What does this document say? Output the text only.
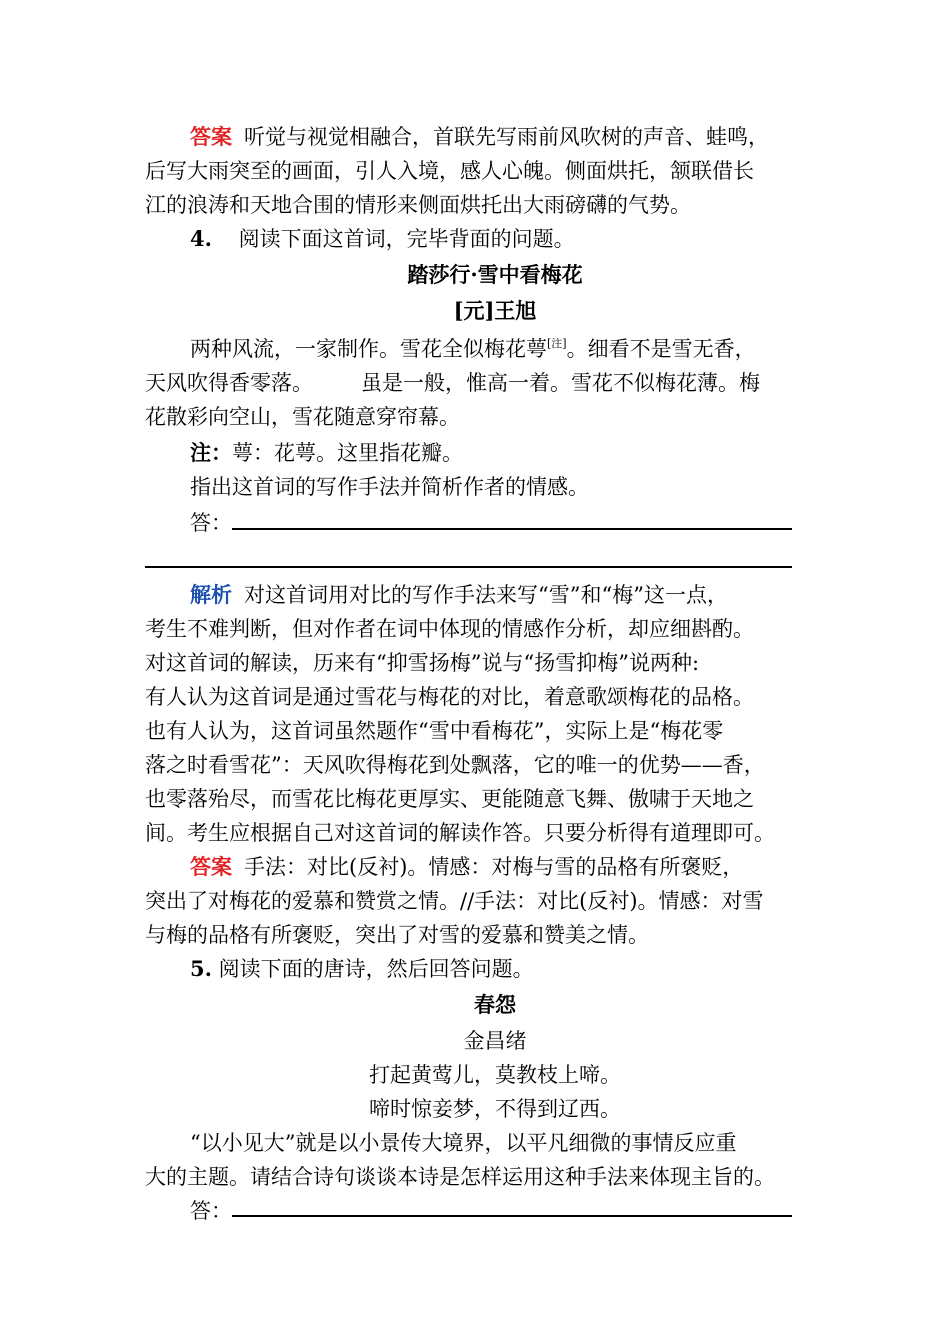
答案 听觉与视觉相融合，首联先写雨前风吹树的声音、蛙鸣，
后写大雨突至的画面，引人入境，感人心魄。侧面烘托，颔联借长
江的浪涛和天地合围的情形来侧面烘托出大雨磅礴的气势。
4. 阅读下面这首词，完毕背面的问题。
踏莎行·雪中看梅花
[元]王旭
两种风流，一家制作。雪花全似梅花萼[注]。细看不是雪无香，
天风吹得香零落。 虽是一般，惟高一着。雪花不似梅花薄。梅
花散彩向空山，雪花随意穿帘幕。
注：萼：花萼。这里指花瓣。
指出这首词的写作手法并简析作者的情感。
答：
解析 对这首词用对比的写作手法来写“雪”和“梅”这一点，
考生不难判断，但对作者在词中体现的情感作分析，却应细斟酌。
对这首词的解读，历来有“抑雪扬梅”说与“扬雪抑梅”说两种:
有人认为这首词是通过雪花与梅花的对比，着意歌颂梅花的品格。
也有人认为，这首词虽然题作“雪中看梅花”，实际上是“梅花零
落之时看雪花”：天风吹得梅花到处飘落，它的唯一的优势——香，
也零落殆尽，而雪花比梅花更厚实、更能随意飞舞、傲啸于天地之
间。考生应根据自己对这首词的解读作答。只要分析得有道理即可。
答案 手法：对比(反衬)。情感：对梅与雪的品格有所褒贬，
突出了对梅花的爱慕和赞赏之情。//手法：对比(反衬)。情感：对雪
与梅的品格有所褒贬，突出了对雪的爱慕和赞美之情。
5. 阅读下面的唐诗，然后回答问题。
春怨
金昌绪
打起黄莺儿，莫教枝上啼。
啼时惊妾梦，不得到辽西。
“以小见大”就是以小景传大境界，以平凡细微的事情反应重
大的主题。请结合诗句谈谈本诗是怎样运用这种手法来体现主旨的。
答：
